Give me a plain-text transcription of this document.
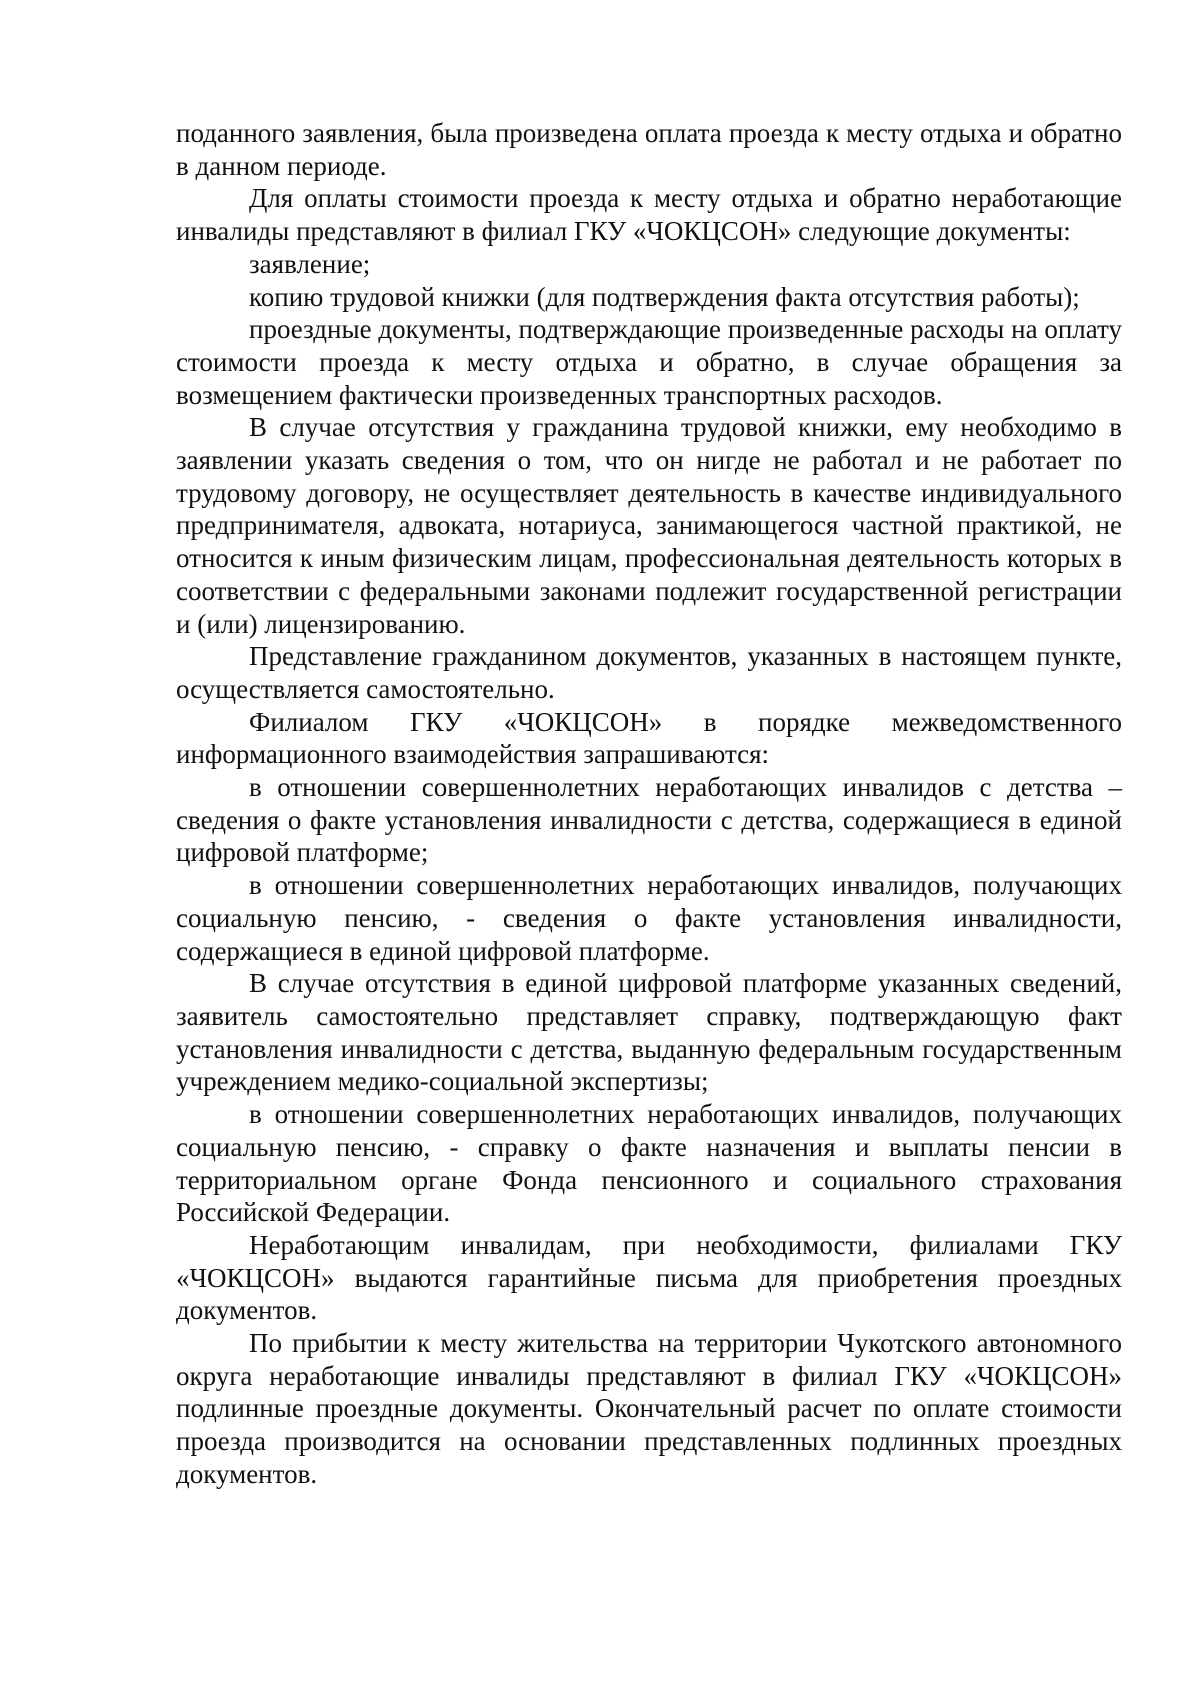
поданного заявления, была произведена оплата проезда к месту отдыха и обратно в данном периоде.

Для оплаты стоимости проезда к месту отдыха и обратно неработающие инвалиды представляют в филиал ГКУ «ЧОКЦСОН» следующие документы:

заявление;

копию трудовой книжки (для подтверждения факта отсутствия работы);

проездные документы, подтверждающие произведенные расходы на оплату стоимости проезда к месту отдыха и обратно, в случае обращения за возмещением фактически произведенных транспортных расходов.

В случае отсутствия у гражданина трудовой книжки, ему необходимо в заявлении указать сведения о том, что он нигде не работал и не работает по трудовому договору, не осуществляет деятельность в качестве индивидуального предпринимателя, адвоката, нотариуса, занимающегося частной практикой, не относится к иным физическим лицам, профессиональная деятельность которых в соответствии с федеральными законами подлежит государственной регистрации и (или) лицензированию.

Представление гражданином документов, указанных в настоящем пункте, осуществляется самостоятельно.

Филиалом ГКУ «ЧОКЦСОН» в порядке межведомственного информационного взаимодействия запрашиваются:

в отношении совершеннолетних неработающих инвалидов с детства – сведения о факте установления инвалидности с детства, содержащиеся в единой цифровой платформе;

в отношении совершеннолетних неработающих инвалидов, получающих социальную пенсию, - сведения о факте установления инвалидности, содержащиеся в единой цифровой платформе.

В случае отсутствия в единой цифровой платформе указанных сведений, заявитель самостоятельно представляет справку, подтверждающую факт установления инвалидности с детства, выданную федеральным государственным учреждением медико-социальной экспертизы;

в отношении совершеннолетних неработающих инвалидов, получающих социальную пенсию, - справку о факте назначения и выплаты пенсии в территориальном органе Фонда пенсионного и социального страхования Российской Федерации.

Неработающим инвалидам, при необходимости, филиалами ГКУ «ЧОКЦСОН» выдаются гарантийные письма для приобретения проездных документов.

По прибытии к месту жительства на территории Чукотского автономного округа неработающие инвалиды представляют в филиал ГКУ «ЧОКЦСОН» подлинные проездные документы. Окончательный расчет по оплате стоимости проезда производится на основании представленных подлинных проездных документов.
